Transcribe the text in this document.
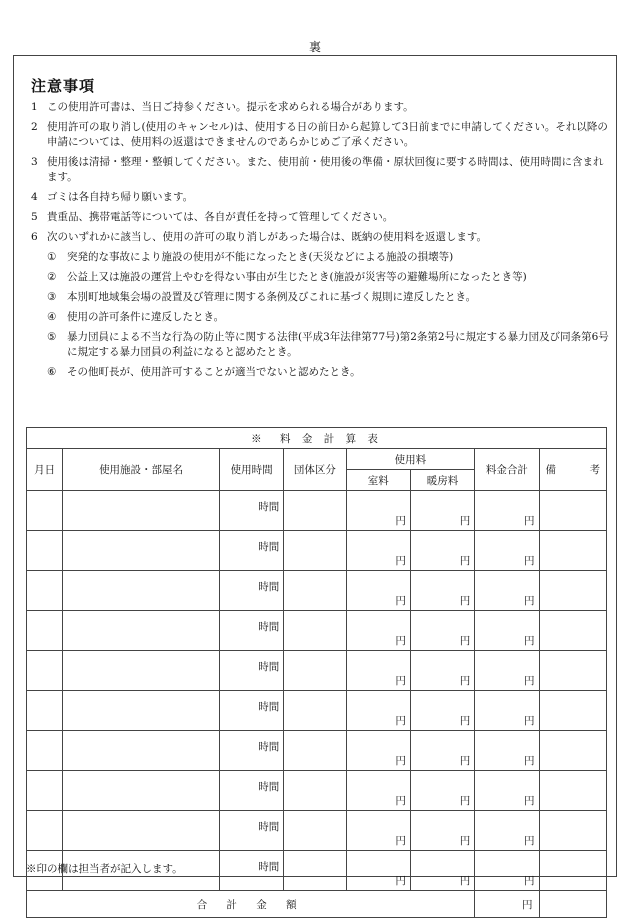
裏
注意事項
1 この使用許可書は、当日ご持参ください。提示を求められる場合があります。
2 使用許可の取り消し(使用のキャンセル)は、使用する日の前日から起算して3日前までに申請してください。それ以降の申請については、使用料の返還はできませんのであらかじめご了承ください。
3 使用後は清掃・整理・整頓してください。また、使用前・使用後の準備・原状回復に要する時間は、使用時間に含まれます。
4 ゴミは各自持ち帰り願います。
5 貴重品、携帯電話等については、各自が責任を持って管理してください。
6 次のいずれかに該当し、使用の許可の取り消しがあった場合は、既納の使用料を返還します。
①	突発的な事故により施設の使用が不能になったとき(天災などによる施設の損壊等)
②	公益上又は施設の運営上やむを得ない事由が生じたとき(施設が災害等の避難場所になったとき等)
③	本別町地域集会場の設置及び管理に関する条例及びこれに基づく規則に違反したとき。
④	使用の許可条件に違反したとき。
⑤	暴力団員による不当な行為の防止等に関する法律(平成3年法律第77号)第2条第2号に規定する暴力団及び同条第6号に規定する暴力団員の利益になると認めたとき。
⑥	その他町長が、使用許可することが適当でないと認めたとき。
※　料 金 計 算 表							
月日	使用施設・部屋名	使用時間	団体区分	使用料		料金合計	備 考

				室料	暖房料		
		時間		円	円	円	
		時間		円	円	円	
		時間		円	円	円	
		時間		円	円	円	
		時間		円	円	円	
		時間		円	円	円	
		時間		円	円	円	
		時間		円	円	円	
		時間		円	円	円	
		時間		円	円	円	
合 計 金 額						円	
※印の欄は担当者が記入します。
